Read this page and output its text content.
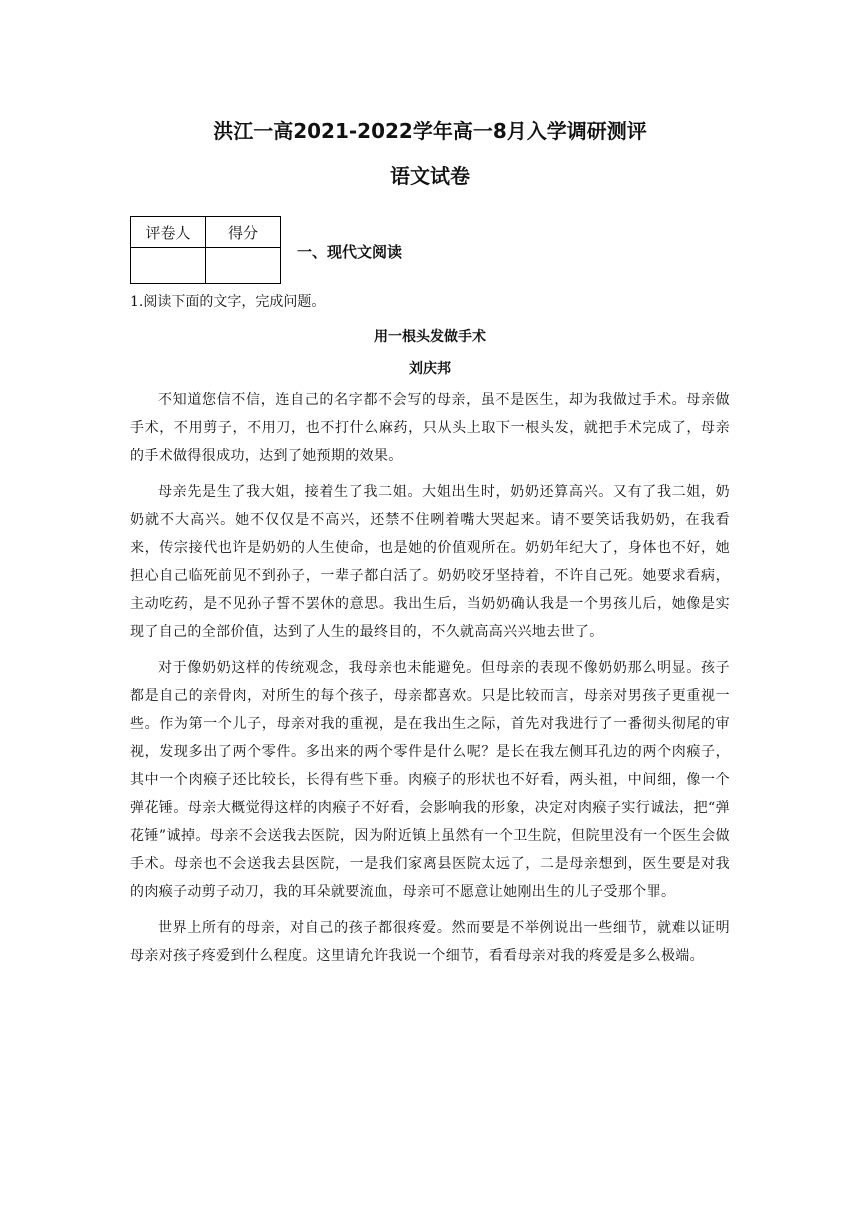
洪江一高2021-2022学年高一8月入学调研测评
语文试卷
评卷人	得分

一、现代文阅读
1.阅读下面的文字，完成问题。
用一根头发做手术
刘庆邦

不知道您信不信，连自己的名字都不会写的母亲，虽不是医生，却为我做过手术。母亲做手术，不用剪子，不用刀，也不打什么麻药，只从头上取下一根头发，就把手术完成了，母亲的手术做得很成功，达到了她预期的效果。

母亲先是生了我大姐，接着生了我二姐。大姐出生时，奶奶还算高兴。又有了我二姐，奶奶就不大高兴。她不仅仅是不高兴，还禁不住咧着嘴大哭起来。请不要笑话我奶奶，在我看来，传宗接代也许是奶奶的人生使命，也是她的价值观所在。奶奶年纪大了，身体也不好，她担心自己临死前见不到孙子，一辈子都白活了。奶奶咬牙坚持着，不许自己死。她要求看病，主动吃药，是不见孙子誓不罢休的意思。我出生后，当奶奶确认我是一个男孩儿后，她像是实现了自己的全部价值，达到了人生的最终目的，不久就高高兴兴地去世了。

对于像奶奶这样的传统观念，我母亲也未能避免。但母亲的表现不像奶奶那么明显。孩子都是自己的亲骨肉，对所生的每个孩子，母亲都喜欢。只是比较而言，母亲对男孩子更重视一些。作为第一个儿子，母亲对我的重视，是在我出生之际，首先对我进行了一番彻头彻尾的审视，发现多出了两个零件。多出来的两个零件是什么呢？是长在我左侧耳孔边的两个肉瘊子，其中一个肉瘊子还比较长，长得有些下垂。肉瘊子的形状也不好看，两头祖，中间细，像一个弹花锤。母亲大概觉得这样的肉瘊子不好看，会影响我的形象，决定对肉瘊子实行诚法，把“弹花锤”诚掉。母亲不会送我去医院，因为附近镇上虽然有一个卫生院，但院里没有一个医生会做手术。母亲也不会送我去县医院，一是我们家离县医院太远了，二是母亲想到，医生要是对我的肉瘊子动剪子动刀，我的耳朵就要流血，母亲可不愿意让她刚出生的儿子受那个罪。

世界上所有的母亲，对自己的孩子都很疼爱。然而要是不举例说出一些细节，就难以证明母亲对孩子疼爱到什么程度。这里请允许我说一个细节，看看母亲对我的疼爱是多么极端。
